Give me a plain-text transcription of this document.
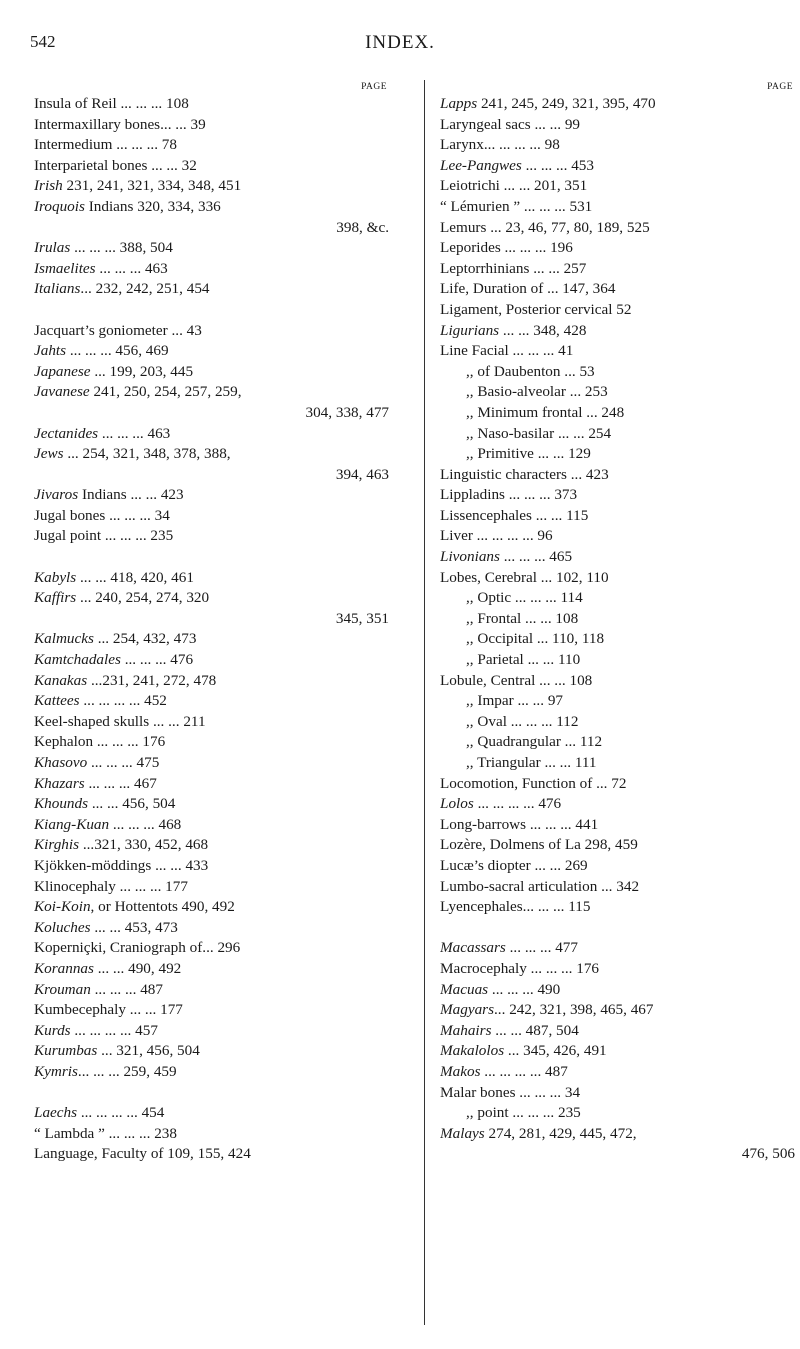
542	INDEX.
PAGE
Insula of Reil ... ... ... 108
Intermaxillary bones... ... 39
Intermedium ... ... ... 78
Interparietal bones ... ... 32
Irish 231, 241, 321, 334, 348, 451
Iroquois Indians 320, 334, 336
398, &c.
Irulas ... ... ... 388, 504
Ismaelites ... ... ... 463
Italians... 232, 242, 251, 454
Jacquart’s goniometer ... 43
Jahts ... ... ... 456, 469
Japanese ... 199, 203, 445
Javanese 241, 250, 254, 257, 259,
304, 338, 477
Jectanides ... ... ... 463
Jews ... 254, 321, 348, 378, 388,
394, 463
Jivaros Indians ... ... 423
Jugal bones ... ... ... 34
Jugal point ... ... ... 235
Kabyls ... ... 418, 420, 461
Kaffirs ... 240, 254, 274, 320
345, 351
Kalmucks ... 254, 432, 473
Kamtchadales ... ... ... 476
Kanakas ...231, 241, 272, 478
Kattees ... ... ... ... 452
Keel-shaped skulls ... ... 211
Kephalon ... ... ... 176
Khasovo ... ... ... 475
Khazars ... ... ... 467
Khounds ... ... 456, 504
Kiang-Kuan ... ... ... 468
Kirghis ...321, 330, 452, 468
Kjökken-möddings ... ... 433
Klinocephaly ... ... ... 177
Koi-Koin, or Hottentots 490, 492
Koluches ... ... 453, 473
Koperniçki, Craniograph of... 296
Korannas ... ... 490, 492
Krouman ... ... ... 487
Kumbecephaly ... ... 177
Kurds ... ... ... ... 457
Kurumbas ... 321, 456, 504
Kymris... ... ... 259, 459
Laechs ... ... ... ... 454
“ Lambda ” ... ... ... 238
Language, Faculty of 109, 155, 424
PAGE
Lapps 241, 245, 249, 321, 395, 470
Laryngeal sacs ... ... 99
Larynx... ... ... ... 98
Lee-Pangwes ... ... ... 453
Leiotrichi ... ... 201, 351
“ Lémurien ” ... ... ... 531
Lemurs ... 23, 46, 77, 80, 189, 525
Leporides ... ... ... 196
Leptorrhinians ... ... 257
Life, Duration of ... 147, 364
Ligament, Posterior cervical 52
Ligurians ... ... 348, 428
Line Facial ... ... ... 41
,, of Daubenton ... 53
,, Basio-alveolar ... 253
,, Minimum frontal ... 248
,, Naso-basilar ... ... 254
,, Primitive ... ... 129
Linguistic characters ... 423
Lippladins ... ... ... 373
Lissencephales ... ... 115
Liver ... ... ... ... 96
Livonians ... ... ... 465
Lobes, Cerebral ... 102, 110
,, Optic ... ... ... 114
,, Frontal ... ... 108
,, Occipital ... 110, 118
,, Parietal ... ... 110
Lobule, Central ... ... 108
,, Impar ... ... 97
,, Oval ... ... ... 112
,, Quadrangular ... 112
,, Triangular ... ... 111
Locomotion, Function of ... 72
Lolos ... ... ... ... 476
Long-barrows ... ... ... 441
Lozère, Dolmens of La 298, 459
Lucæ’s diopter ... ... 269
Lumbo-sacral articulation ... 342
Lyencephales... ... ... 115
Macassars ... ... ... 477
Macrocephaly ... ... ... 176
Macuas ... ... ... 490
Magyars... 242, 321, 398, 465, 467
Mahairs ... ... 487, 504
Makalolos ... 345, 426, 491
Makos ... ... ... ... 487
Malar bones ... ... ... 34
,, point ... ... ... 235
Malays 274, 281, 429, 445, 472,
476, 506
